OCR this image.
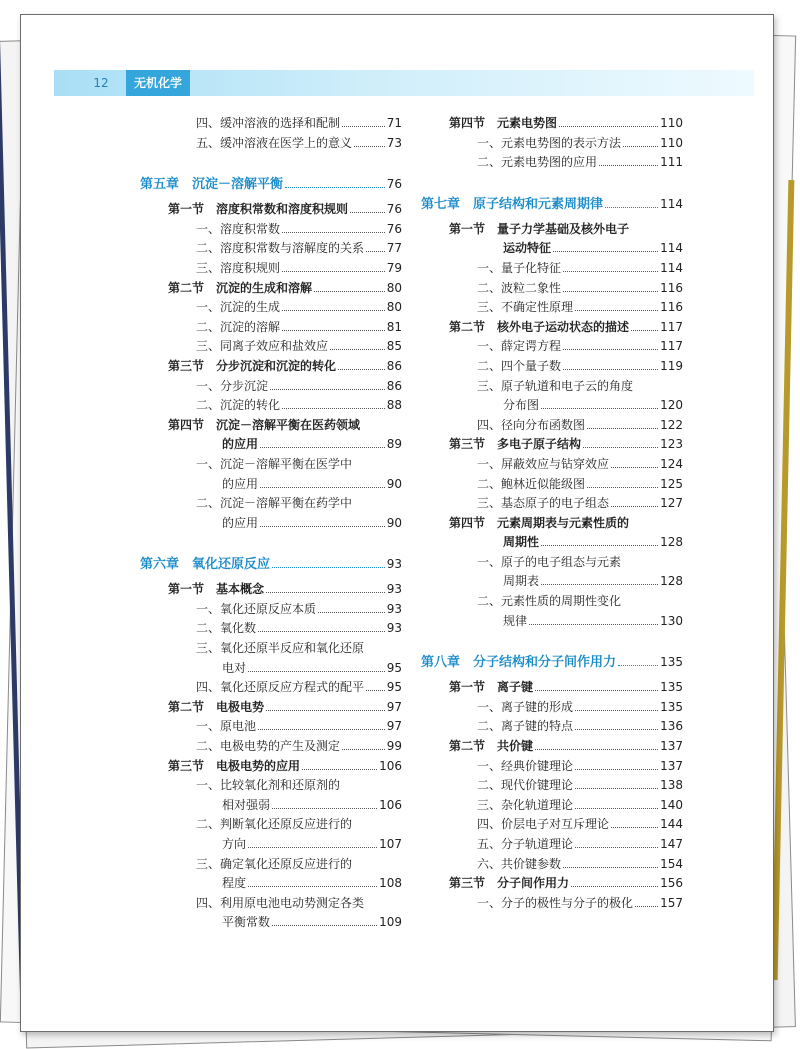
12	无机化学
四、缓冲溶液的选择和配制	71
五、缓冲溶液在医学上的意义	73
第五章　沉淀－溶解平衡	76
第一节　溶度积常数和溶度积规则	76
一、溶度积常数	76
二、溶度积常数与溶解度的关系 77
三、溶度积规则	79
第二节　沉淀的生成和溶解	80
一、沉淀的生成	80
二、沉淀的溶解	81
三、同离子效应和盐效应	85
第三节　分步沉淀和沉淀的转化	86
一、分步沉淀	86
二、沉淀的转化	88
第四节　沉淀－溶解平衡在医药领域
的应用	89
一、沉淀－溶解平衡在医学中
的应用	90
二、沉淀－溶解平衡在药学中
的应用	90
第六章　氧化还原反应	93
第一节　基本概念	93
一、氧化还原反应本质	93
二、氧化数	93
三、氧化还原半反应和氧化还原
电对	95
四、氧化还原反应方程式的配平 95
第二节　电极电势	97
一、原电池	97
二、电极电势的产生及测定	99
第三节　电极电势的应用	106
一、比较氧化剂和还原剂的
相对强弱	106
二、判断氧化还原反应进行的
方向	107
三、确定氧化还原反应进行的
程度	108
四、利用原电池电动势测定各类
平衡常数	109
第四节　元素电势图	110
一、元素电势图的表示方法	110
二、元素电势图的应用	111
第七章　原子结构和元素周期律	114
第一节　量子力学基础及核外电子
运动特征	114
一、量子化特征	114
二、波粒二象性	116
三、不确定性原理	116
第二节　核外电子运动状态的描述	117
一、薛定谔方程	117
二、四个量子数	119
三、原子轨道和电子云的角度
分布图	120
四、径向分布函数图	122
第三节　多电子原子结构	123
一、屏蔽效应与钻穿效应	124
二、鲍林近似能级图	125
三、基态原子的电子组态	127
第四节　元素周期表与元素性质的
周期性	128
一、原子的电子组态与元素
周期表	128
二、元素性质的周期性变化
规律	130
第八章　分子结构和分子间作用力	135
第一节　离子键	135
一、离子键的形成	135
二、离子键的特点	136
第二节　共价键	137
一、经典价键理论	137
二、现代价键理论	138
三、杂化轨道理论	140
四、价层电子对互斥理论	144
五、分子轨道理论	147
六、共价键参数	154
第三节　分子间作用力	156
一、分子的极性与分子的极化 157
